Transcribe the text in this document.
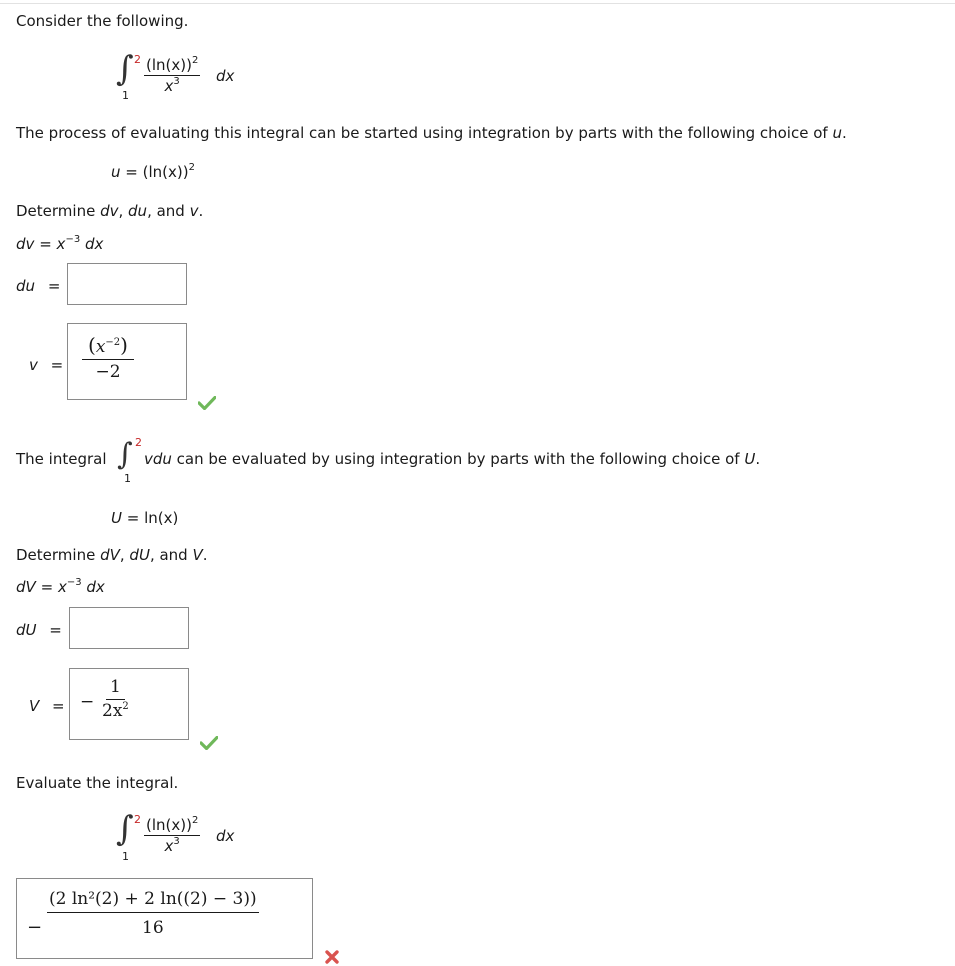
Consider the following.
∫ 2
1
$\frac{(\ln(x))^2}{x^3}$ dx
The process of evaluating this integral can be started using integration by parts with the following choice of u.
$u = (\ln(x))^2$
Determine dv, du, and v.
dv = $x^{-3}$ dx
du =
$v = \frac{(x^{-2})}{-2}$
The integral ∫ 2
1
vdu can be evaluated by using integration by parts with the following choice of U.
U = ln(x)
Determine dV, dU, and V.
dV = $x^{-3}$ dx
dU =
V = − $\frac{1}{2x^2}$
Evaluate the integral.
∫ 2
1
$\frac{(\ln(x))^2}{x^3}$ dx
− $\frac{\text{(2 ln²(2) + 2 ln((2) − 3))}}{16}$
